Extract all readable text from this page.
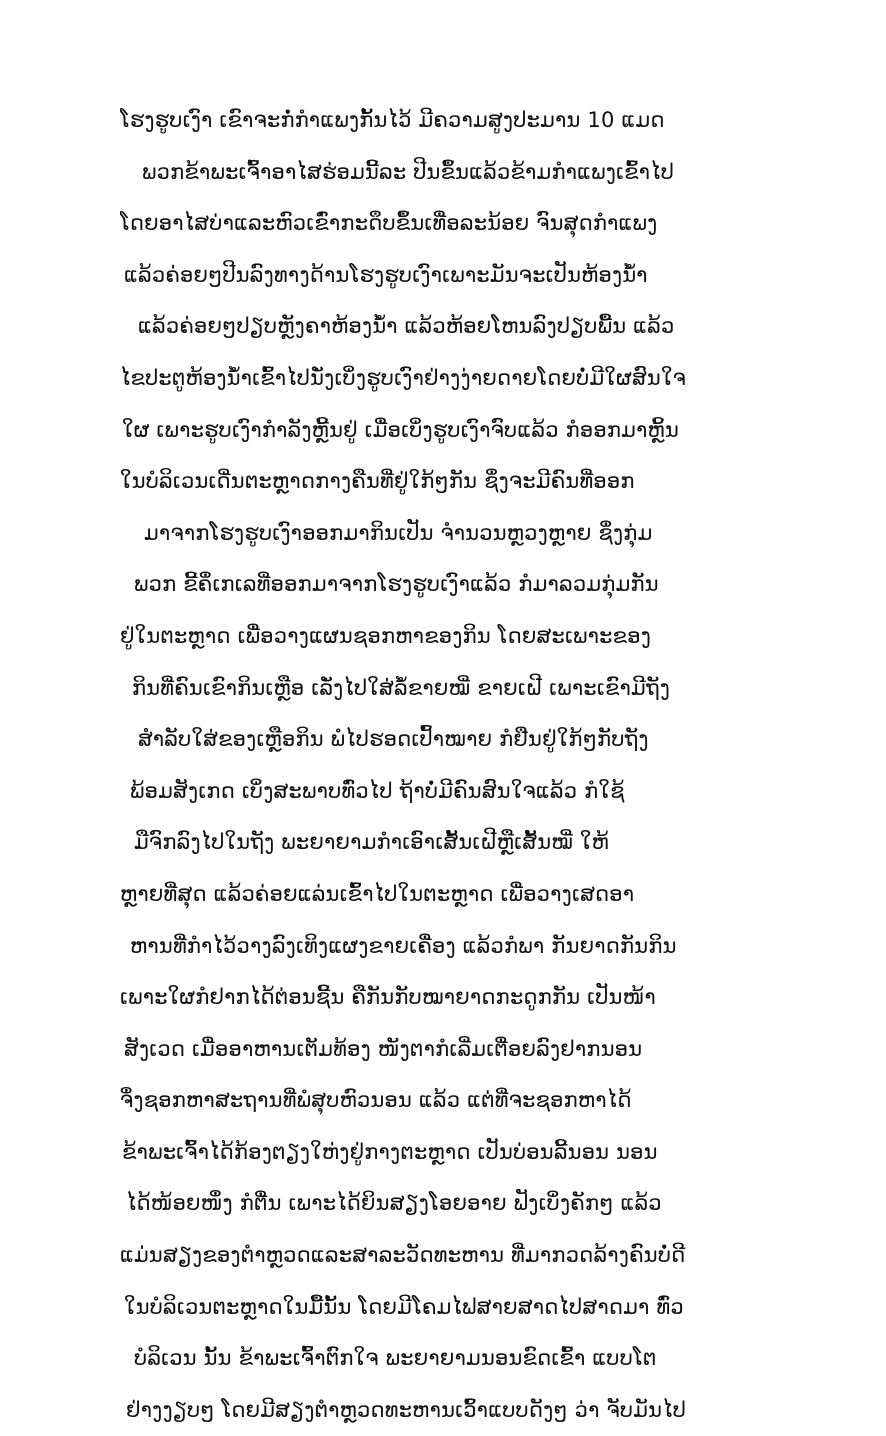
ໂຮງຮູບເງົາ ເຂົາຈະກໍ່ກຳແພງກັ້ນໄວ້ ມີຄວາມສູງປະມານ 10 ແມດ
ພວກຂ້າພະເຈົ້າອາໄສຮ່ອມນີ້ລະ ປີນຂຶ້ນແລ້ວຂ້າມກຳແພງເຂົ້າໄປ
ໂດຍອາໄສບ່າແລະຫົວເຂົ່າກະດຶບຂຶ້ນເທື່ອລະນ້ອຍ ຈົນສຸດກຳແພງ
ແລ້ວຄ່ອຍໆປີນລົງທາງດ້ານໂຮງຮູບເງົາເພາະມັນຈະເປັນຫ້ອງນ້ຳ
ແລ້ວຄ່ອຍໆປຽບຫຼັງຄາຫ້ອງນ້ຳ ແລ້ວຫ້ອຍໂຫນລົງປຽບພື້ນ ແລ້ວ
ໄຂປະຕູຫ້ອງນ້ຳເຂົ້າໄປນັ່ງເບິ່ງຮູບເງົາຢ່າງງ່າຍດາຍໂດຍບໍ່ມີໃຜສົນໃຈ
ໃຜ ເພາະຮູບເງົາກຳລັງຫຼີ້ນຢູ່ ເມື່ອເບິ່ງຮູບເງົາຈົບແລ້ວ ກໍອອກມາຫຼິ້ນ
ໃນບໍລິເວນເດີ່ນຕະຫຼາດກາງຄືນທີ່ຢູ່ໃກ້ໆກັນ ຊຶ່ງຈະມີຄົນທີ່ອອກ
ມາຈາກໂຮງຮູບເງົາອອກມາກິນເປັນ ຈຳນວນຫຼວງຫຼາຍ ຊຶ່ງກຸ່ມ
ພວກ ຂີ້ຄຶ່ເກເລທີ່ອອກມາຈາກໂຮງຮູບເງົາແລ້ວ ກໍມາລວມກຸ່ມກັນ
ຢູ່ໃນຕະຫຼາດ ເພື່ອວາງແຜນຊອກຫາຂອງກິນ ໂດຍສະເພາະຂອງ
ກິນທີ່ຄົນເຂົາກິນເຫຼືອ ເລັ່ງໄປໃສ່ລໍ້ຂາຍໝີ່ ຂາຍເຝີ ເພາະເຂົາມີຖັງ
ສຳລັບໃສ່ຂອງເຫຼືອກິນ ພໍໄປຮອດເປົ້າໝາຍ ກໍຢືນຢູ່ໃກ້ໆກັບຖັງ
ພ້ອມສັງເກດ ເບິ່ງສະພາບທົ່ວໄປ ຖ້າບໍ່ມີຄົນສົນໃຈແລ້ວ ກໍໃຊ້
ມືຈົກລົງໄປໃນຖັງ ພະຍາຍາມກຳເອົາເສັ້ນເຝີຫຼືເສັ້ນໝີ່ ໃຫ້
ຫຼາຍທີ່ສຸດ ແລ້ວຄ່ອຍແລ່ນເຂົ້າໄປໃນຕະຫຼາດ ເພື່ອວາງເສດອາ
ຫານທີ່ກຳໄວ້ວາງລົງເທິງແຜງຂາຍເຄື່ອງ ແລ້ວກໍພາ ກັນຍາດກັນກິນ
ເພາະໃຜກໍຢາກໄດ້ຕ່ອນຊີ້ນ ຄືກັນກັບໝາຍາດກະດູກກັນ ເປັນໜ້າ
ສັງເວດ ເມື່ອອາຫານເຕັມທ້ອງ ໜັງຕາກໍເລີ່ມເຕື່ອຍລົງຢາກນອນ
ຈຶ່ງຊອກຫາສະຖານທີ່ພໍສຸບຫົວນອນ ແລ້ວ ແຕ່ທີ່ຈະຊອກຫາໄດ້
ຂ້າພະເຈົ້າໄດ້ກ້ອງຕຽງໃຫ່ງຢູ່ກາງຕະຫຼາດ ເປັນບ່ອນລີ້ນອນ ນອນ
ໄດ້ໜ້ອຍໜຶ່ງ ກໍຕື່ນ ເພາະໄດ້ຍິນສຽງໂອຍອາຍ ຟັງເບິ່ງຄັກໆ ແລ້ວ
ແມ່ນສຽງຂອງຕຳຫຼວດແລະສາລະວັດທະຫານ ທີ່ມາກວດລ້າງຄົນບໍ່ດີ
ໃນບໍລິເວນຕະຫຼາດໃນມື້ນັ້ນ ໂດຍມີໂຄມໄຟສາຍສາດໄປສາດມາ ທົ່ວ
ບໍລິເວນ ນັ້ນ ຂ້າພະເຈົ້າຕົກໃຈ ພະຍາຍາມນອນຂົດເຂົ້າ ແບບໂຕ
ຢ່າງງຽບໆ ໂດຍມີສຽງຕຳຫຼວດທະຫານເວົ້າແບບດັງໆ ວ່າ ຈັບມັນໄປ
